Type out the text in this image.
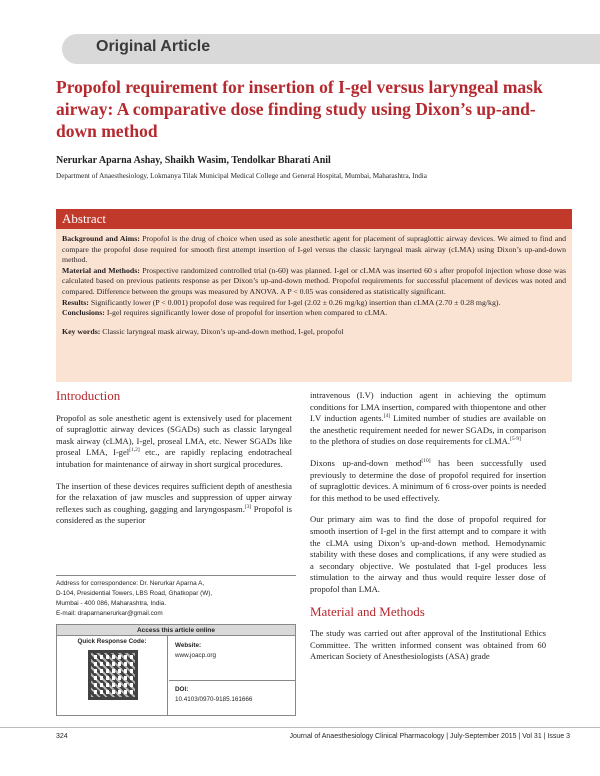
Original Article
Propofol requirement for insertion of I-gel versus laryngeal mask airway: A comparative dose finding study using Dixon’s up-and-down method
Nerurkar Aparna Ashay, Shaikh Wasim, Tendolkar Bharati Anil
Department of Anaesthesiology, Lokmanya Tilak Municipal Medical College and General Hospital, Mumbai, Maharashtra, India
Abstract

Background and Aims: Propofol is the drug of choice when used as sole anesthetic agent for placement of supraglottic airway devices. We aimed to find and compare the propofol dose required for smooth first attempt insertion of I-gel versus the classic laryngeal mask airway (cLMA) using Dixon’s up-and-down method.

Material and Methods: Prospective randomized controlled trial (n-60) was planned. I-gel or cLMA was inserted 60 s after propofol injection whose dose was calculated based on previous patients response as per Dixon’s up-and-down method. Propofol requirements for successful placement of devices was noted and compared. Difference between the groups was measured by ANOVA. A P < 0.05 was considered as statistically significant.

Results: Significantly lower (P < 0.001) propofol dose was required for I-gel (2.02 ± 0.26 mg/kg) insertion than cLMA (2.70 ± 0.28 mg/kg).

Conclusions: I-gel requires significantly lower dose of propofol for insertion when compared to cLMA.

Key words: Classic laryngeal mask airway, Dixon’s up-and-down method, I-gel, propofol

Introduction

Propofol as sole anesthetic agent is extensively used for placement of supraglottic airway devices (SGADs) such as classic laryngeal mask airway (cLMA), I-gel, proseal LMA, etc. Newer SGADs like proseal LMA, I-gel[1,2] etc., are rapidly replacing endotracheal intubation for maintenance of airway in short surgical procedures.

The insertion of these devices requires sufficient depth of anesthesia for the relaxation of jaw muscles and suppression of upper airway reflexes such as coughing, gagging and laryngospasm.[3] Propofol is considered as the superior

Address for correspondence: Dr. Nerurkar Aparna A,
D-104, Presidential Towers, LBS Road, Ghatkopar (W),
Mumbai - 400 086, Maharashtra, India.
E-mail: draparnanerurkar@gmail.com
Access this article online
Quick Response Code:
Website:
www.joacp.org
DOI:
10.4103/0970-9185.161666

intravenous (I.V) induction agent in achieving the optimum conditions for LMA insertion, compared with thiopentone and other I.V induction agents.[4] Limited number of studies are available on the anesthetic requirement needed for newer SGADs, in comparison to the plethora of studies on dose requirements for cLMA.[5-9]

Dixons up-and-down method[10] has been successfully used previously to determine the dose of propofol required for insertion of supraglottic devices. A minimum of 6 cross-over points is needed for this method to be used effectively.

Our primary aim was to find the dose of propofol required for smooth insertion of I-gel in the first attempt and to compare it with the cLMA using Dixon’s up-and-down method. Hemodynamic stability with these doses and complications, if any were studied as a secondary objective. We postulated that I-gel produces less stimulation to the airway and thus would require lesser dose of propofol than LMA.

Material and Methods

The study was carried out after approval of the Institutional Ethics Committee. The written informed consent was obtained from 60 American Society of Anesthesiologists (ASA) grade

324	Journal of Anaesthesiology Clinical Pharmacology | July-September 2015 | Vol 31 | Issue 3
